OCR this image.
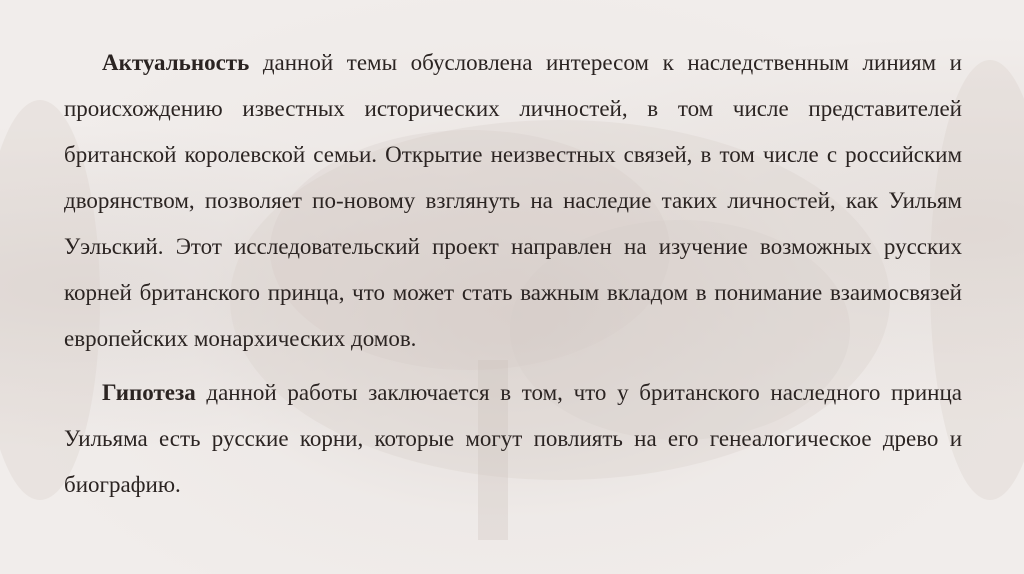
Актуальность данной темы обусловлена интересом к наследственным линиям и происхождению известных исторических личностей, в том числе представителей британской королевской семьи. Открытие неизвестных связей, в том числе с российским дворянством, позволяет по-новому взглянуть на наследие таких личностей, как Уильям Уэльский. Этот исследовательский проект направлен на изучение возможных русских корней британского принца, что может стать важным вкладом в понимание взаимосвязей европейских монархических домов.

Гипотеза данной работы заключается в том, что у британского наследного принца Уильяма есть русские корни, которые могут повлиять на его генеалогическое древо и биографию.
